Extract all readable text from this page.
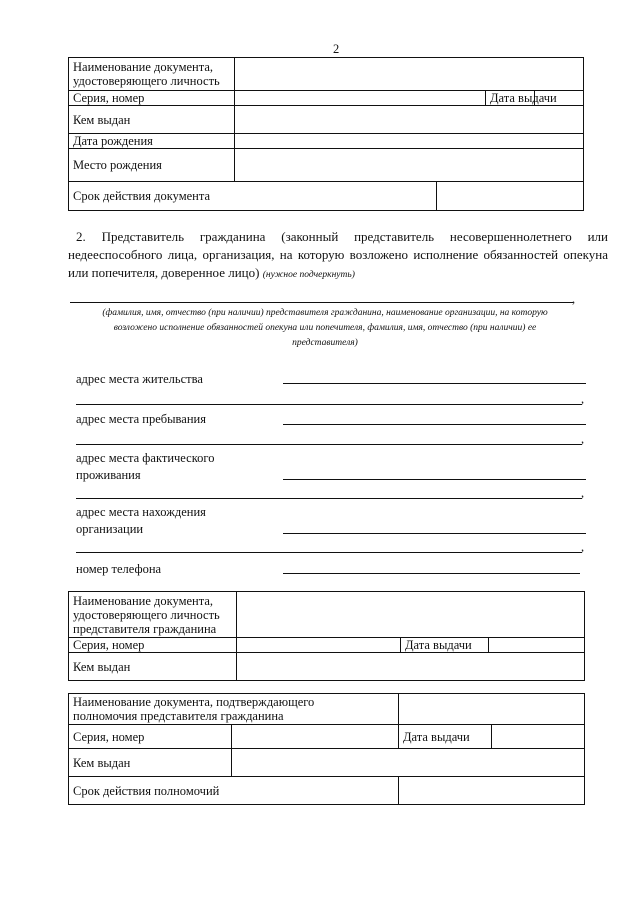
2
Наименование документа,
удостоверяющего личность				

Серия, номер			Дата выдачи	
Кем выдан				
Дата рождения				
Место рождения				
Срок действия документа				
2. Представитель гражданина (законный представитель несовершеннолетнего или
недееспособного лица, организация, на которую возложено исполнение обязанностей опекуна
или попечителя, доверенное лицо) (нужное подчеркнуть)
,
(фамилия, имя, отчество (при наличии) представителя гражданина, наименование организации, на которую
возложено исполнение обязанностей опекуна или попечителя, фамилия, имя, отчество (при наличии) ее
представителя)
адрес места жительства
,
адрес места пребывания
,
адрес места фактического
проживания
,
адрес места нахождения
организации
,
номер телефона
Наименование документа,
удостоверяющего личность
представителя гражданина			

Серия, номер		Дата выдачи	
Кем выдан			
Наименование документа, подтверждающего
полномочия представителя гражданина			

Серия, номер		Дата выдачи	
Кем выдан			
Срок действия полномочий			
